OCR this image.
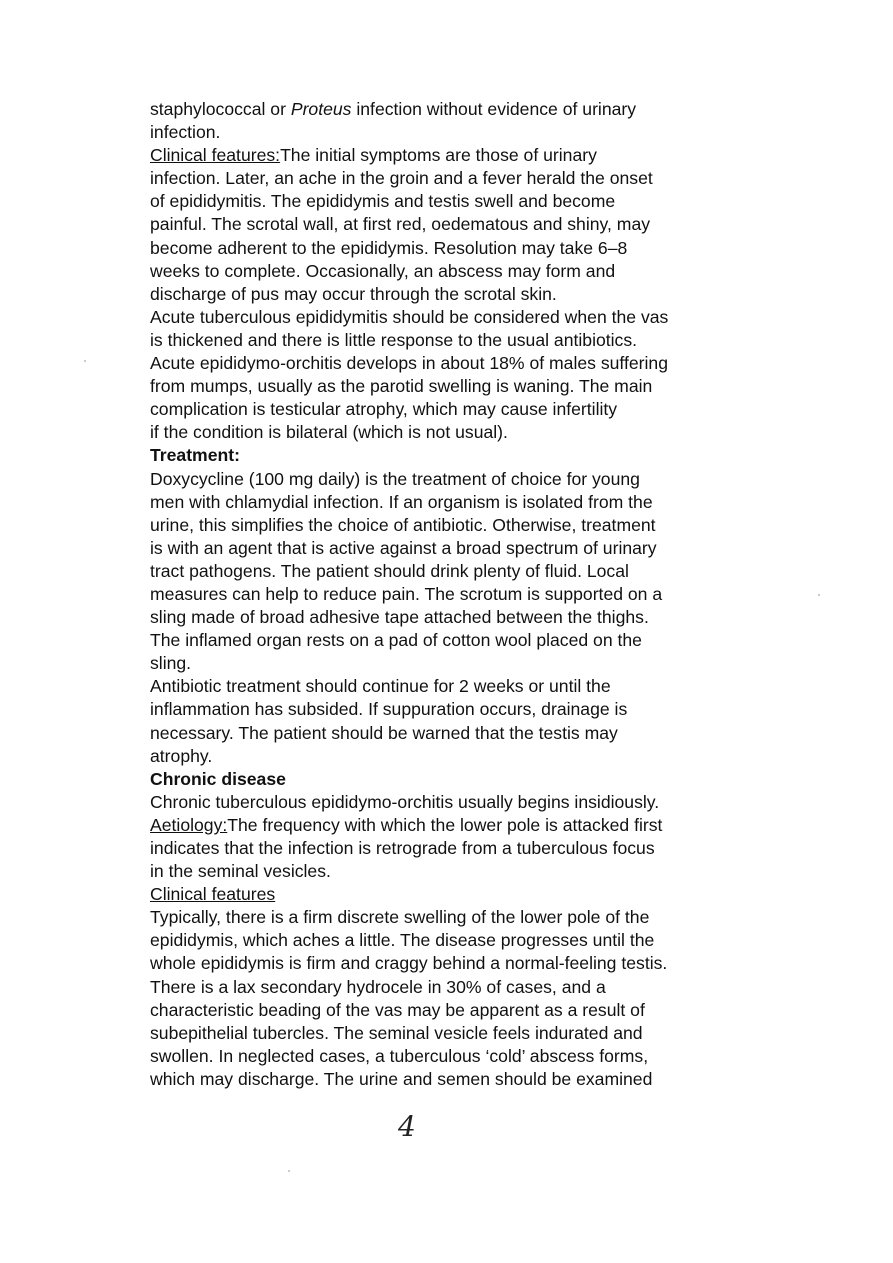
staphylococcal or Proteus infection without evidence of urinary
infection.
Clinical features:The initial symptoms are those of urinary
infection. Later, an ache in the groin and a fever herald the onset
of epididymitis. The epididymis and testis swell and become
painful. The scrotal wall, at first red, oedematous and shiny, may
become adherent to the epididymis. Resolution may take 6–8
weeks to complete. Occasionally, an abscess may form and
discharge of pus may occur through the scrotal skin.
Acute tuberculous epididymitis should be considered when the vas
is thickened and there is little response to the usual antibiotics.
Acute epididymo-orchitis develops in about 18% of males suffering
from mumps, usually as the parotid swelling is waning. The main
complication is testicular atrophy, which may cause infertility
if the condition is bilateral (which is not usual).
Treatment:
Doxycycline (100 mg daily) is the treatment of choice for young
men with chlamydial infection. If an organism is isolated from the
urine, this simplifies the choice of antibiotic. Otherwise, treatment
is with an agent that is active against a broad spectrum of urinary
tract pathogens. The patient should drink plenty of fluid. Local
measures can help to reduce pain. The scrotum is supported on a
sling made of broad adhesive tape attached between the thighs.
The inflamed organ rests on a pad of cotton wool placed on the
sling.
Antibiotic treatment should continue for 2 weeks or until the
inflammation has subsided. If suppuration occurs, drainage is
necessary. The patient should be warned that the testis may
atrophy.
Chronic disease
Chronic tuberculous epididymo-orchitis usually begins insidiously.
Aetiology:The frequency with which the lower pole is attacked first
indicates that the infection is retrograde from a tuberculous focus
in the seminal vesicles.
Clinical features
Typically, there is a firm discrete swelling of the lower pole of the
epididymis, which aches a little. The disease progresses until the
whole epididymis is firm and craggy behind a normal-feeling testis.
There is a lax secondary hydrocele in 30% of cases, and a
characteristic beading of the vas may be apparent as a result of
subepithelial tubercles. The seminal vesicle feels indurated and
swollen. In neglected cases, a tuberculous ‘cold’ abscess forms,
which may discharge. The urine and semen should be examined
4
